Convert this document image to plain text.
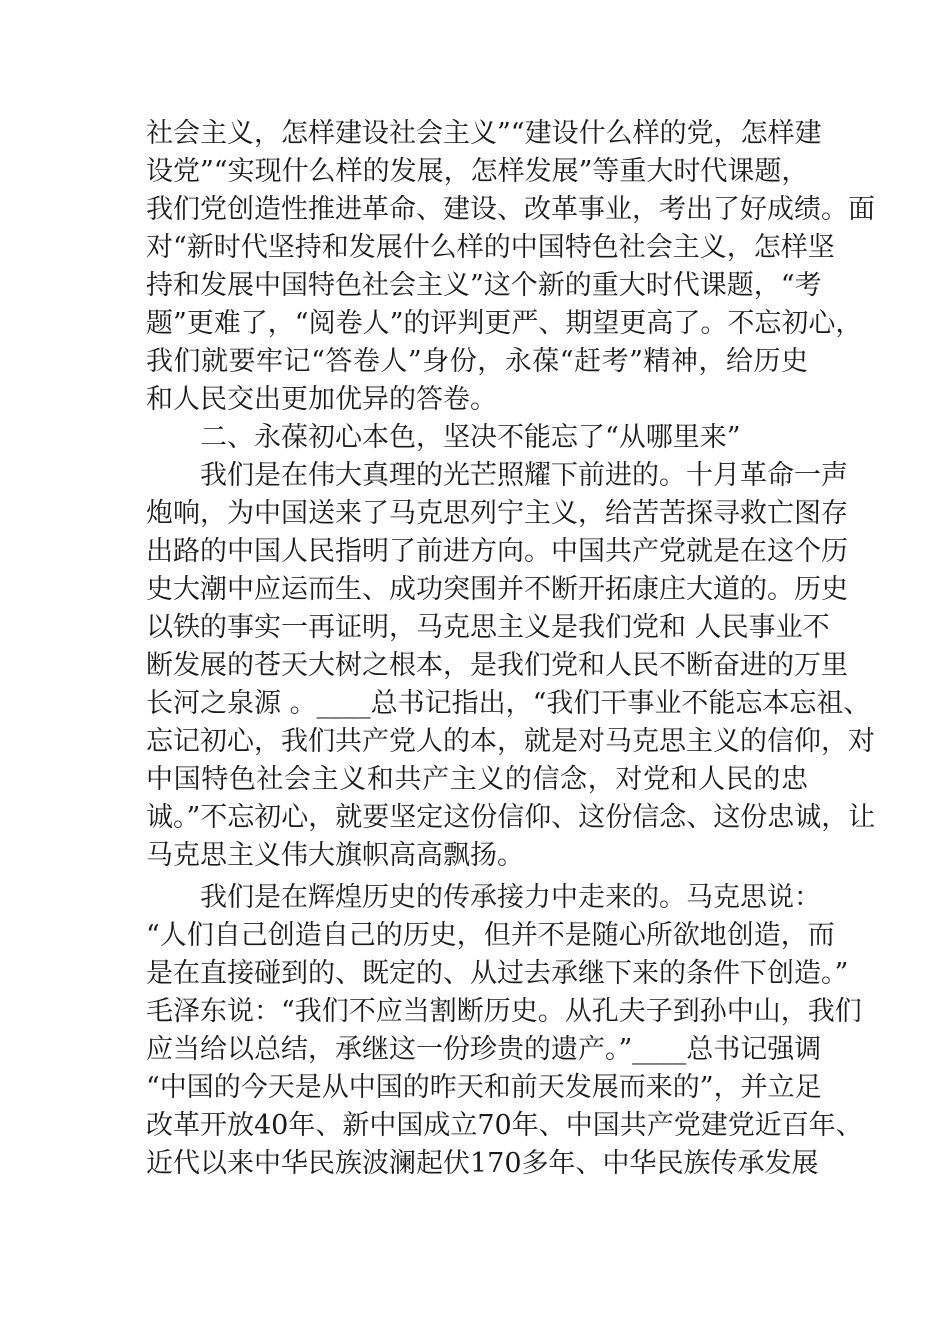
社会主义，怎样建设社会主义”“建设什么样的党，怎样建
设党”“实现什么样的发展，怎样发展”等重大时代课题，
我们党创造性推进革命、建设、改革事业，考出了好成绩。面
对“新时代坚持和发展什么样的中国特色社会主义，怎样坚
持和发展中国特色社会主义”这个新的重大时代课题，“考
题”更难了，“阅卷人”的评判更严、期望更高了。不忘初心，
我们就要牢记“答卷人”身份，永葆“赶考”精神，给历史
和人民交出更加优异的答卷。
二、永葆初心本色，坚决不能忘了“从哪里来”
我们是在伟大真理的光芒照耀下前进的。十月革命一声
炮响，为中国送来了马克思列宁主义，给苦苦探寻救亡图存
出路的中国人民指明了前进方向。中国共产党就是在这个历
史大潮中应运而生、成功突围并不断开拓康庄大道的。历史
以铁的事实一再证明，马克思主义是我们党和 人民事业不
断发展的苍天大树之根本，是我们党和人民不断奋进的万里
长河之泉源 。____总书记指出，“我们干事业不能忘本忘祖、
忘记初心，我们共产党人的本，就是对马克思主义的信仰，对
中国特色社会主义和共产主义的信念，对党和人民的忠
诚。”不忘初心，就要坚定这份信仰、这份信念、这份忠诚，让
马克思主义伟大旗帜高高飘扬。
我们是在辉煌历史的传承接力中走来的。马克思说：
“人们自己创造自己的历史，但并不是随心所欲地创造，而
是在直接碰到的、既定的、从过去承继下来的条件下创造。”
毛泽东说：“我们不应当割断历史。从孔夫子到孙中山，我们
应当给以总结，承继这一份珍贵的遗产。”____总书记强调
“中国的今天是从中国的昨天和前天发展而来的”，并立足
改革开放40年、新中国成立70年、中国共产党建党近百年、
近代以来中华民族波澜起伏170多年、中华民族传承发展
